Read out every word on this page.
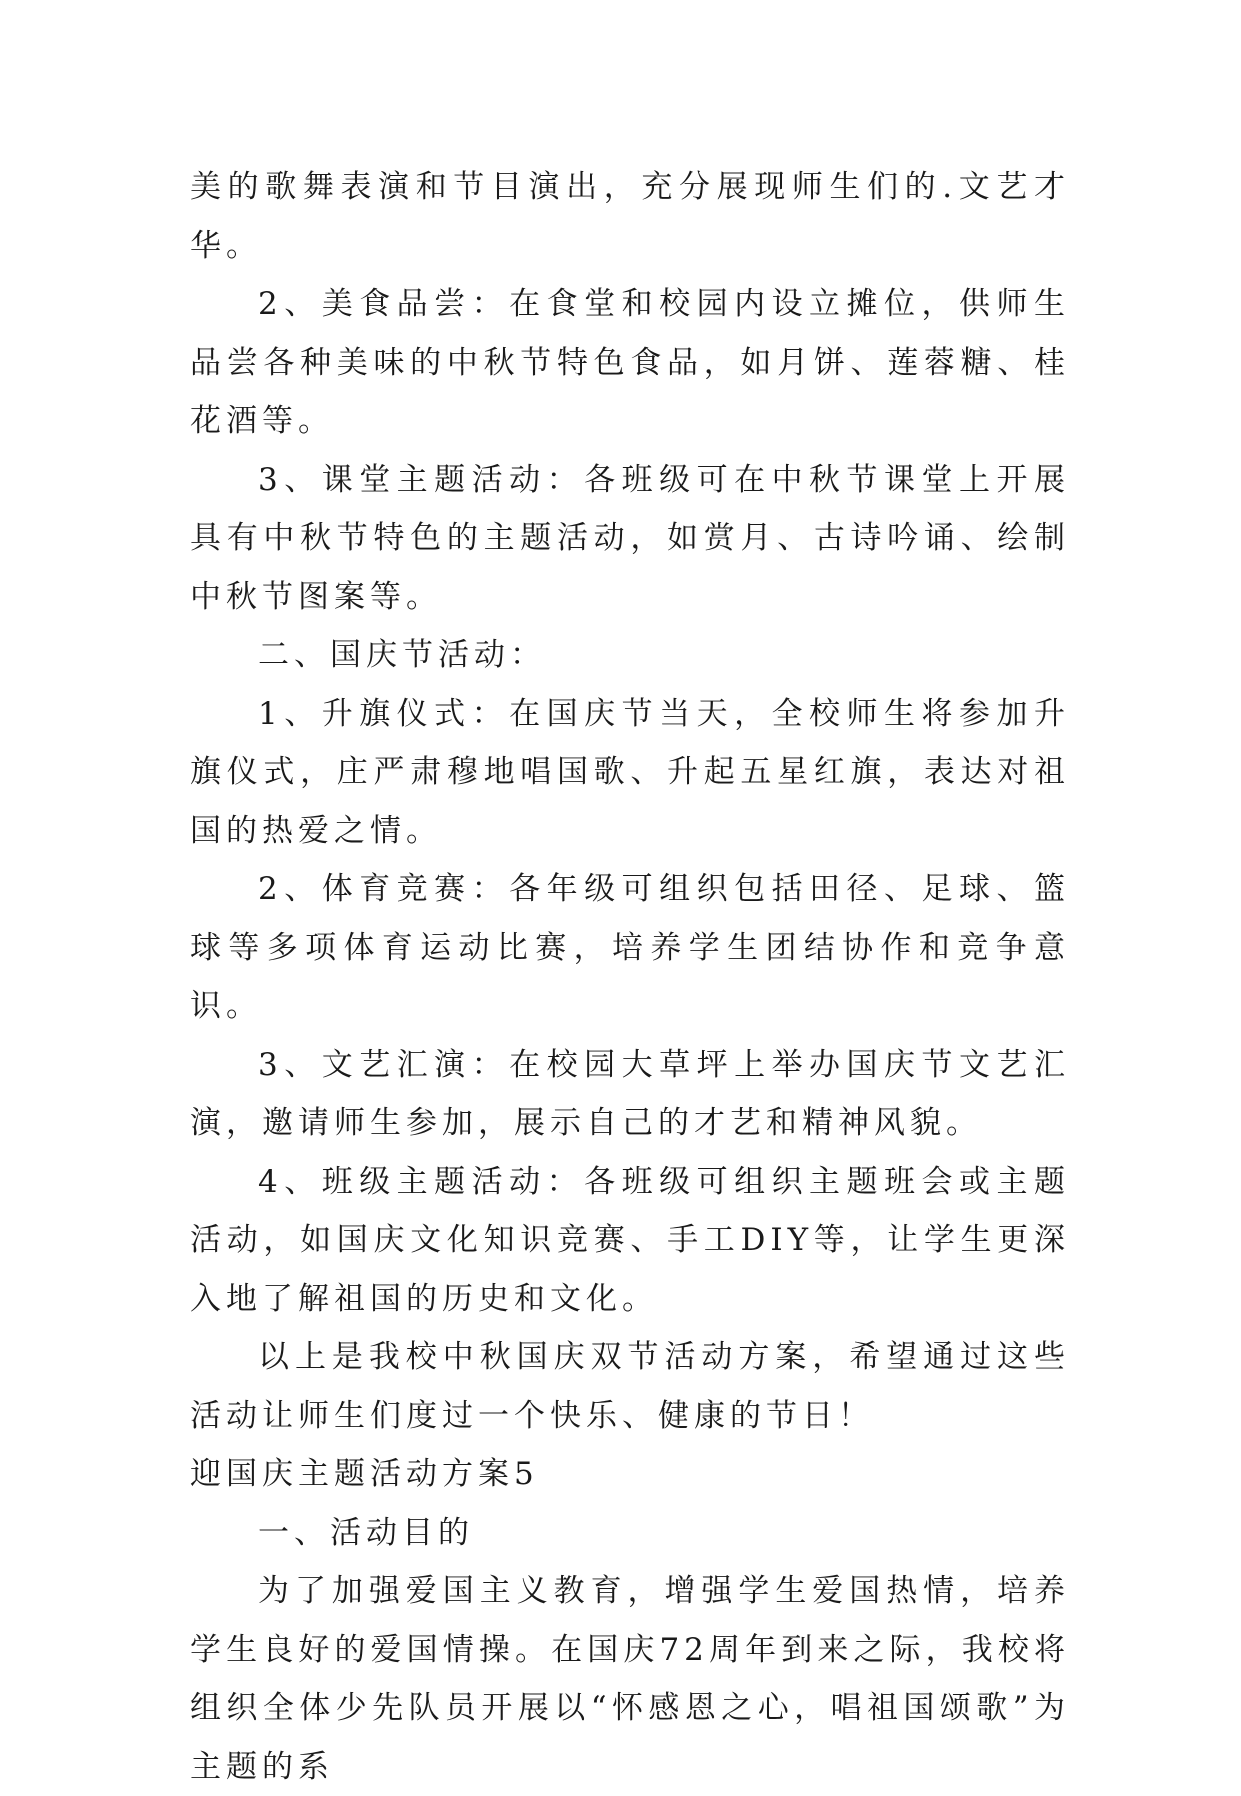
美的歌舞表演和节目演出，充分展现师生们的.文艺才华。

2、美食品尝：在食堂和校园内设立摊位，供师生品尝各种美味的中秋节特色食品，如月饼、莲蓉糖、桂花酒等。

3、课堂主题活动：各班级可在中秋节课堂上开展具有中秋节特色的主题活动，如赏月、古诗吟诵、绘制中秋节图案等。

二、国庆节活动：

1、升旗仪式：在国庆节当天，全校师生将参加升旗仪式，庄严肃穆地唱国歌、升起五星红旗，表达对祖国的热爱之情。

2、体育竞赛：各年级可组织包括田径、足球、篮球等多项体育运动比赛，培养学生团结协作和竞争意识。

3、文艺汇演：在校园大草坪上举办国庆节文艺汇演，邀请师生参加，展示自己的才艺和精神风貌。

4、班级主题活动：各班级可组织主题班会或主题活动，如国庆文化知识竞赛、手工DIY等，让学生更深入地了解祖国的历史和文化。

以上是我校中秋国庆双节活动方案，希望通过这些活动让师生们度过一个快乐、健康的节日！

迎国庆主题活动方案5

一、活动目的

为了加强爱国主义教育，增强学生爱国热情，培养学生良好的爱国情操。在国庆72周年到来之际，我校将组织全体少先队员开展以“怀感恩之心，唱祖国颂歌”为主题的系
